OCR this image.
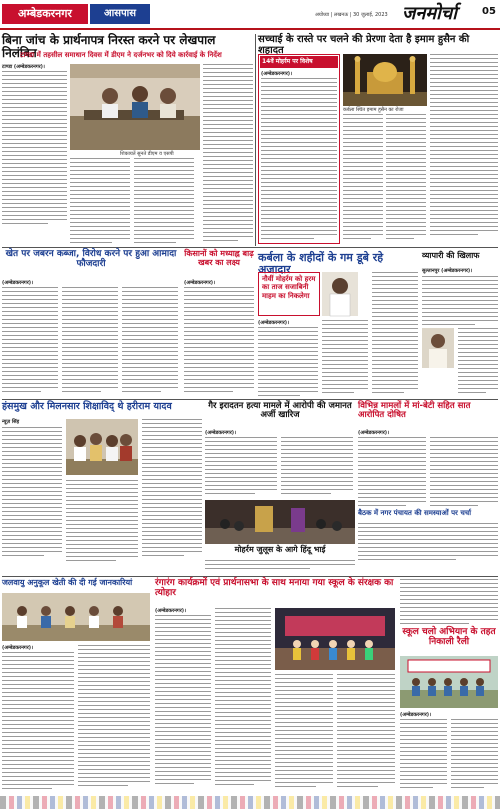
अम्बेडकरनगर	आसपास	अयोध्या | लखनऊ | 30 जुलाई, 2023 जनमोर्चा	05
बिना जांच के प्रार्थनापत्र निरस्त करने पर लेखपाल निलंबित
टाण्डा में तहसील समाधान दिवस में डीएम ने दर्जनभर को दिये कार्रवाई के निर्देश
टाण्डा (अम्बेडकरनगर)।
शिकायतें सुनते डीएम व एसपी
सच्चाई के रास्ते पर चलने की प्रेरणा देता है इमाम हुसैन की शहादत
14वें मोहर्रम पर विशेष
(अम्बेडकरनगर)।
कर्बला स्थित इमाम हुसैन का रोजा
खेत पर जबरन कब्जा, विरोध करने पर हुआ आमादा फौजदारी
(अम्बेडकरनगर)।
किसानों को मध्याह्न बाढ़ खबर का लक्ष्य
(अम्बेडकरनगर)।
कर्बला के शहीदों के गम डूबे रहे अजादार
नौवीं मोहर्रम को हरम का ताज सजाबिनी माहम का निकलेगा
(अम्बेडकरनगर)।
व्यापारी की खिलाफ
सुल्तानपुर (अम्बेडकरनगर)।
हंसमुख और मिलनसार शिक्षाविद् थे हरीराम यादव
न्यूज़ सिंह
गैर इरादतन हत्या मामले में आरोपी की जमानत अर्जी खारिज
(अम्बेडकरनगर)।
विभिन्न मामलों में मां-बेटी सहित सात आरोपित दोषित
(अम्बेडकरनगर)।
बैठक में नगर पंचायत की समस्याओं पर चर्चा
मोहर्रम जुलूस के आगे हिंदू भाई
जलवायु अनुकूल खेती की दी गई जानकारियां
(अम्बेडकरनगर)।
रंगारंग कार्यक्रमों एवं प्रार्थनासभा के साथ मनाया गया स्कूल के संरक्षक का त्योहार
(अम्बेडकरनगर)।
स्कूल चलो अभियान के तहत निकाली रैली
(अम्बेडकरनगर)।
